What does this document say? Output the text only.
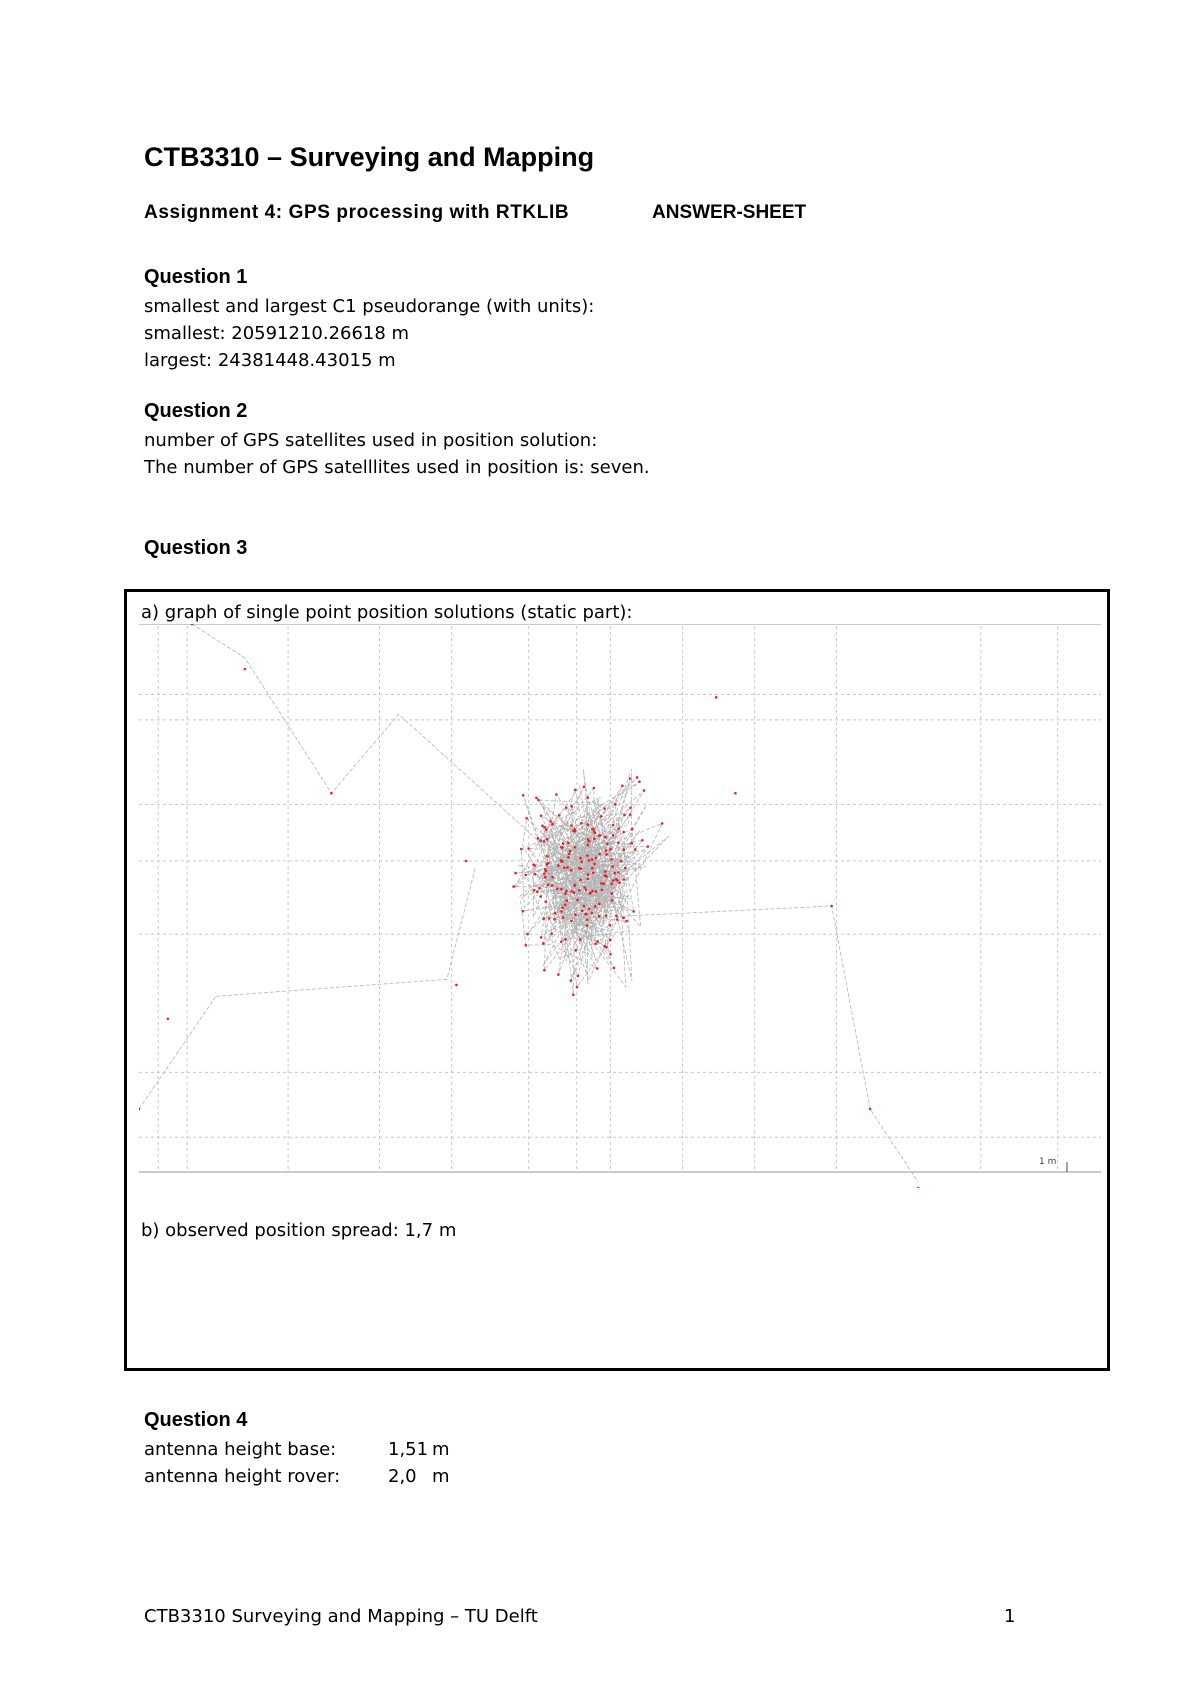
CTB3310 – Surveying and Mapping
Assignment 4: GPS processing with RTKLIB	ANSWER-SHEET
Question 1
smallest and largest C1 pseudorange (with units):
smallest: 20591210.26618 m
largest: 24381448.43015 m
Question 2
number of GPS satellites used in position solution:
The number of GPS satelllites used in position is: seven.
Question 3
a) graph of single point position solutions (static part):
1 m
b) observed position spread: 1,7 m
Question 4
antenna height base:	1,51 m
antenna height rover:	2,0 m
CTB3310 Surveying and Mapping – TU Delft	1
